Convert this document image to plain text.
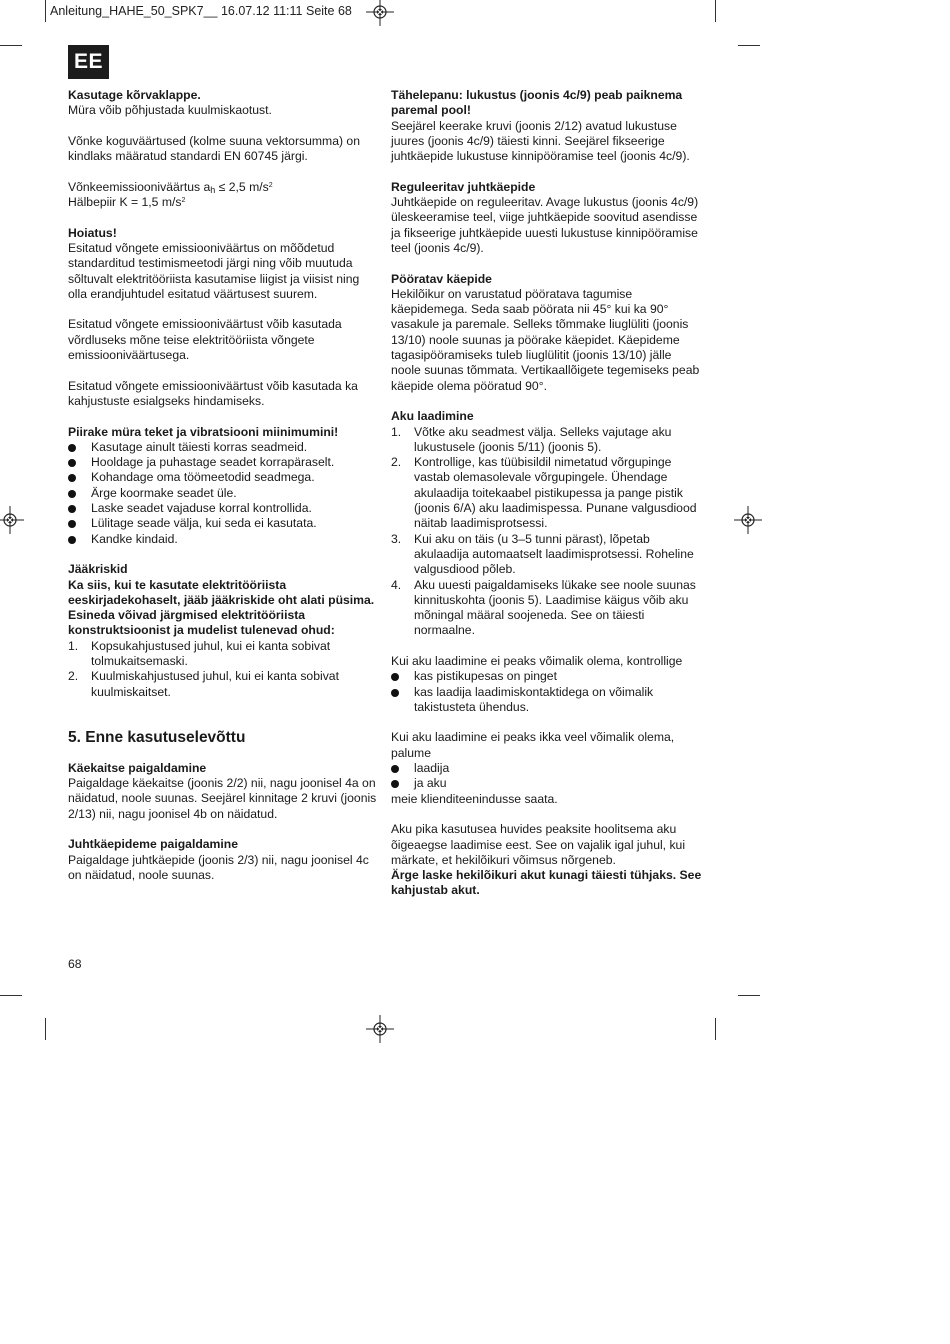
Anleitung_HAHE_50_SPK7__ 16.07.12 11:11 Seite 68
EE

Kasutage kõrvaklappe.

Müra võib põhjustada kuulmiskaotust.

Võnke koguväärtused (kolme suuna vektorsumma) on kindlaks määratud standardi EN 60745 järgi.

Võnkeemissiooniväärtus $a_h \le 2,5$ $m/s^2$

Hälbepiir K = 1,5 $m/s^2$

Hoiatus!

Esitatud võngete emissiooniväärtus on mõõdetud standarditud testimismeetodi järgi ning võib muutuda sõltuvalt elektritööriista kasutamise liigist ja viisist ning olla erandjuhtudel esitatud väärtusest suurem.

Esitatud võngete emissiooniväärtust võib kasutada võrdluseks mõne teise elektritööriista võngete emissiooniväärtusega.

Esitatud võngete emissiooniväärtust võib kasutada ka kahjustuste esialgseks hindamiseks.

Piirake müra teket ja vibratsiooni miinimumini!

Kasutage ainult täiesti korras seadmeid.
Hooldage ja puhastage seadet korrapäraselt.
Kohandage oma töömeetodid seadmega.
Ärge koormake seadet üle.
Laske seadet vajaduse korral kontrollida.
Lülitage seade välja, kui seda ei kasutata.
Kandke kindaid.

Jääkriskid

Ka siis, kui te kasutate elektritööriista eeskirjadekohaselt, jääb jääkriskide oht alati püsima. Esineda võivad järgmised elektritööriista konstruktsioonist ja mudelist tulenevad ohud:

1. Kopsukahjustused juhul, kui ei kanta sobivat tolmukaitsemaski.
2. Kuulmiskahjustused juhul, kui ei kanta sobivat kuulmiskaitset.
5. Enne kasutuselevõttu

Käekaitse paigaldamine

Paigaldage käekaitse (joonis 2/2) nii, nagu joonisel 4a on näidatud, noole suunas. Seejärel kinnitage 2 kruvi (joonis 2/13) nii, nagu joonisel 4b on näidatud.

Juhtkäepideme paigaldamine

Paigaldage juhtkäepide (joonis 2/3) nii, nagu joonisel 4c on näidatud, noole suunas.

Tähelepanu: lukustus (joonis 4c/9) peab paiknema paremal pool!

Seejärel keerake kruvi (joonis 2/12) avatud lukustuse juures (joonis 4c/9) täiesti kinni. Seejärel fikseerige juhtkäepide lukustuse kinnipööramise teel (joonis 4c/9).

Reguleeritav juhtkäepide

Juhtkäepide on reguleeritav. Avage lukustus (joonis 4c/9) üleskeeramise teel, viige juhtkäepide soovitud asendisse ja fikseerige juhtkäepide uuesti lukustuse kinnipööramise teel (joonis 4c/9).

Pööratav käepide

Hekilõikur on varustatud pööratava tagumise käepidemega. Seda saab pöörata nii 45° kui ka 90° vasakule ja paremale. Selleks tõmmake liuglüliti (joonis 13/10) noole suunas ja pöörake käepidet. Käepideme tagasipööramiseks tuleb liuglülitit (joonis 13/10) jälle noole suunas tõmmata. Vertikaallõigete tegemiseks peab käepide olema pööratud 90°.

Aku laadimine

1. Võtke aku seadmest välja. Selleks vajutage aku lukustusele (joonis 5/11) (joonis 5).
2. Kontrollige, kas tüübisildil nimetatud võrgupinge vastab olemasolevale võrgupingele. Ühendage akulaadija toitekaabel pistikupessa ja pange pistik (joonis 6/A) aku laadimispessa. Punane valgusdiood näitab laadimisprotsessi.
3. Kui aku on täis (u 3–5 tunni pärast), lõpetab akulaadija automaatselt laadimisprotsessi. Roheline valgusdiood põleb.
4. Aku uuesti paigaldamiseks lükake see noole suunas kinnituskohta (joonis 5). Laadimise käigus võib aku mõningal määral soojeneda. See on täiesti normaalne.

Kui aku laadimine ei peaks võimalik olema, kontrollige

kas pistikupesas on pinget
kas laadija laadimiskontaktidega on võimalik takistusteta ühendus.

Kui aku laadimine ei peaks ikka veel võimalik olema, palume

laadija
ja aku

meie klienditeenindusse saata.

Aku pika kasutusea huvides peaksite hoolitsema aku õigeaegse laadimise eest. See on vajalik igal juhul, kui märkate, et hekilõikuri võimsus nõrgeneb.

Ärge laske hekilõikuri akut kunagi täiesti tühjaks. See kahjustab akut.

68
